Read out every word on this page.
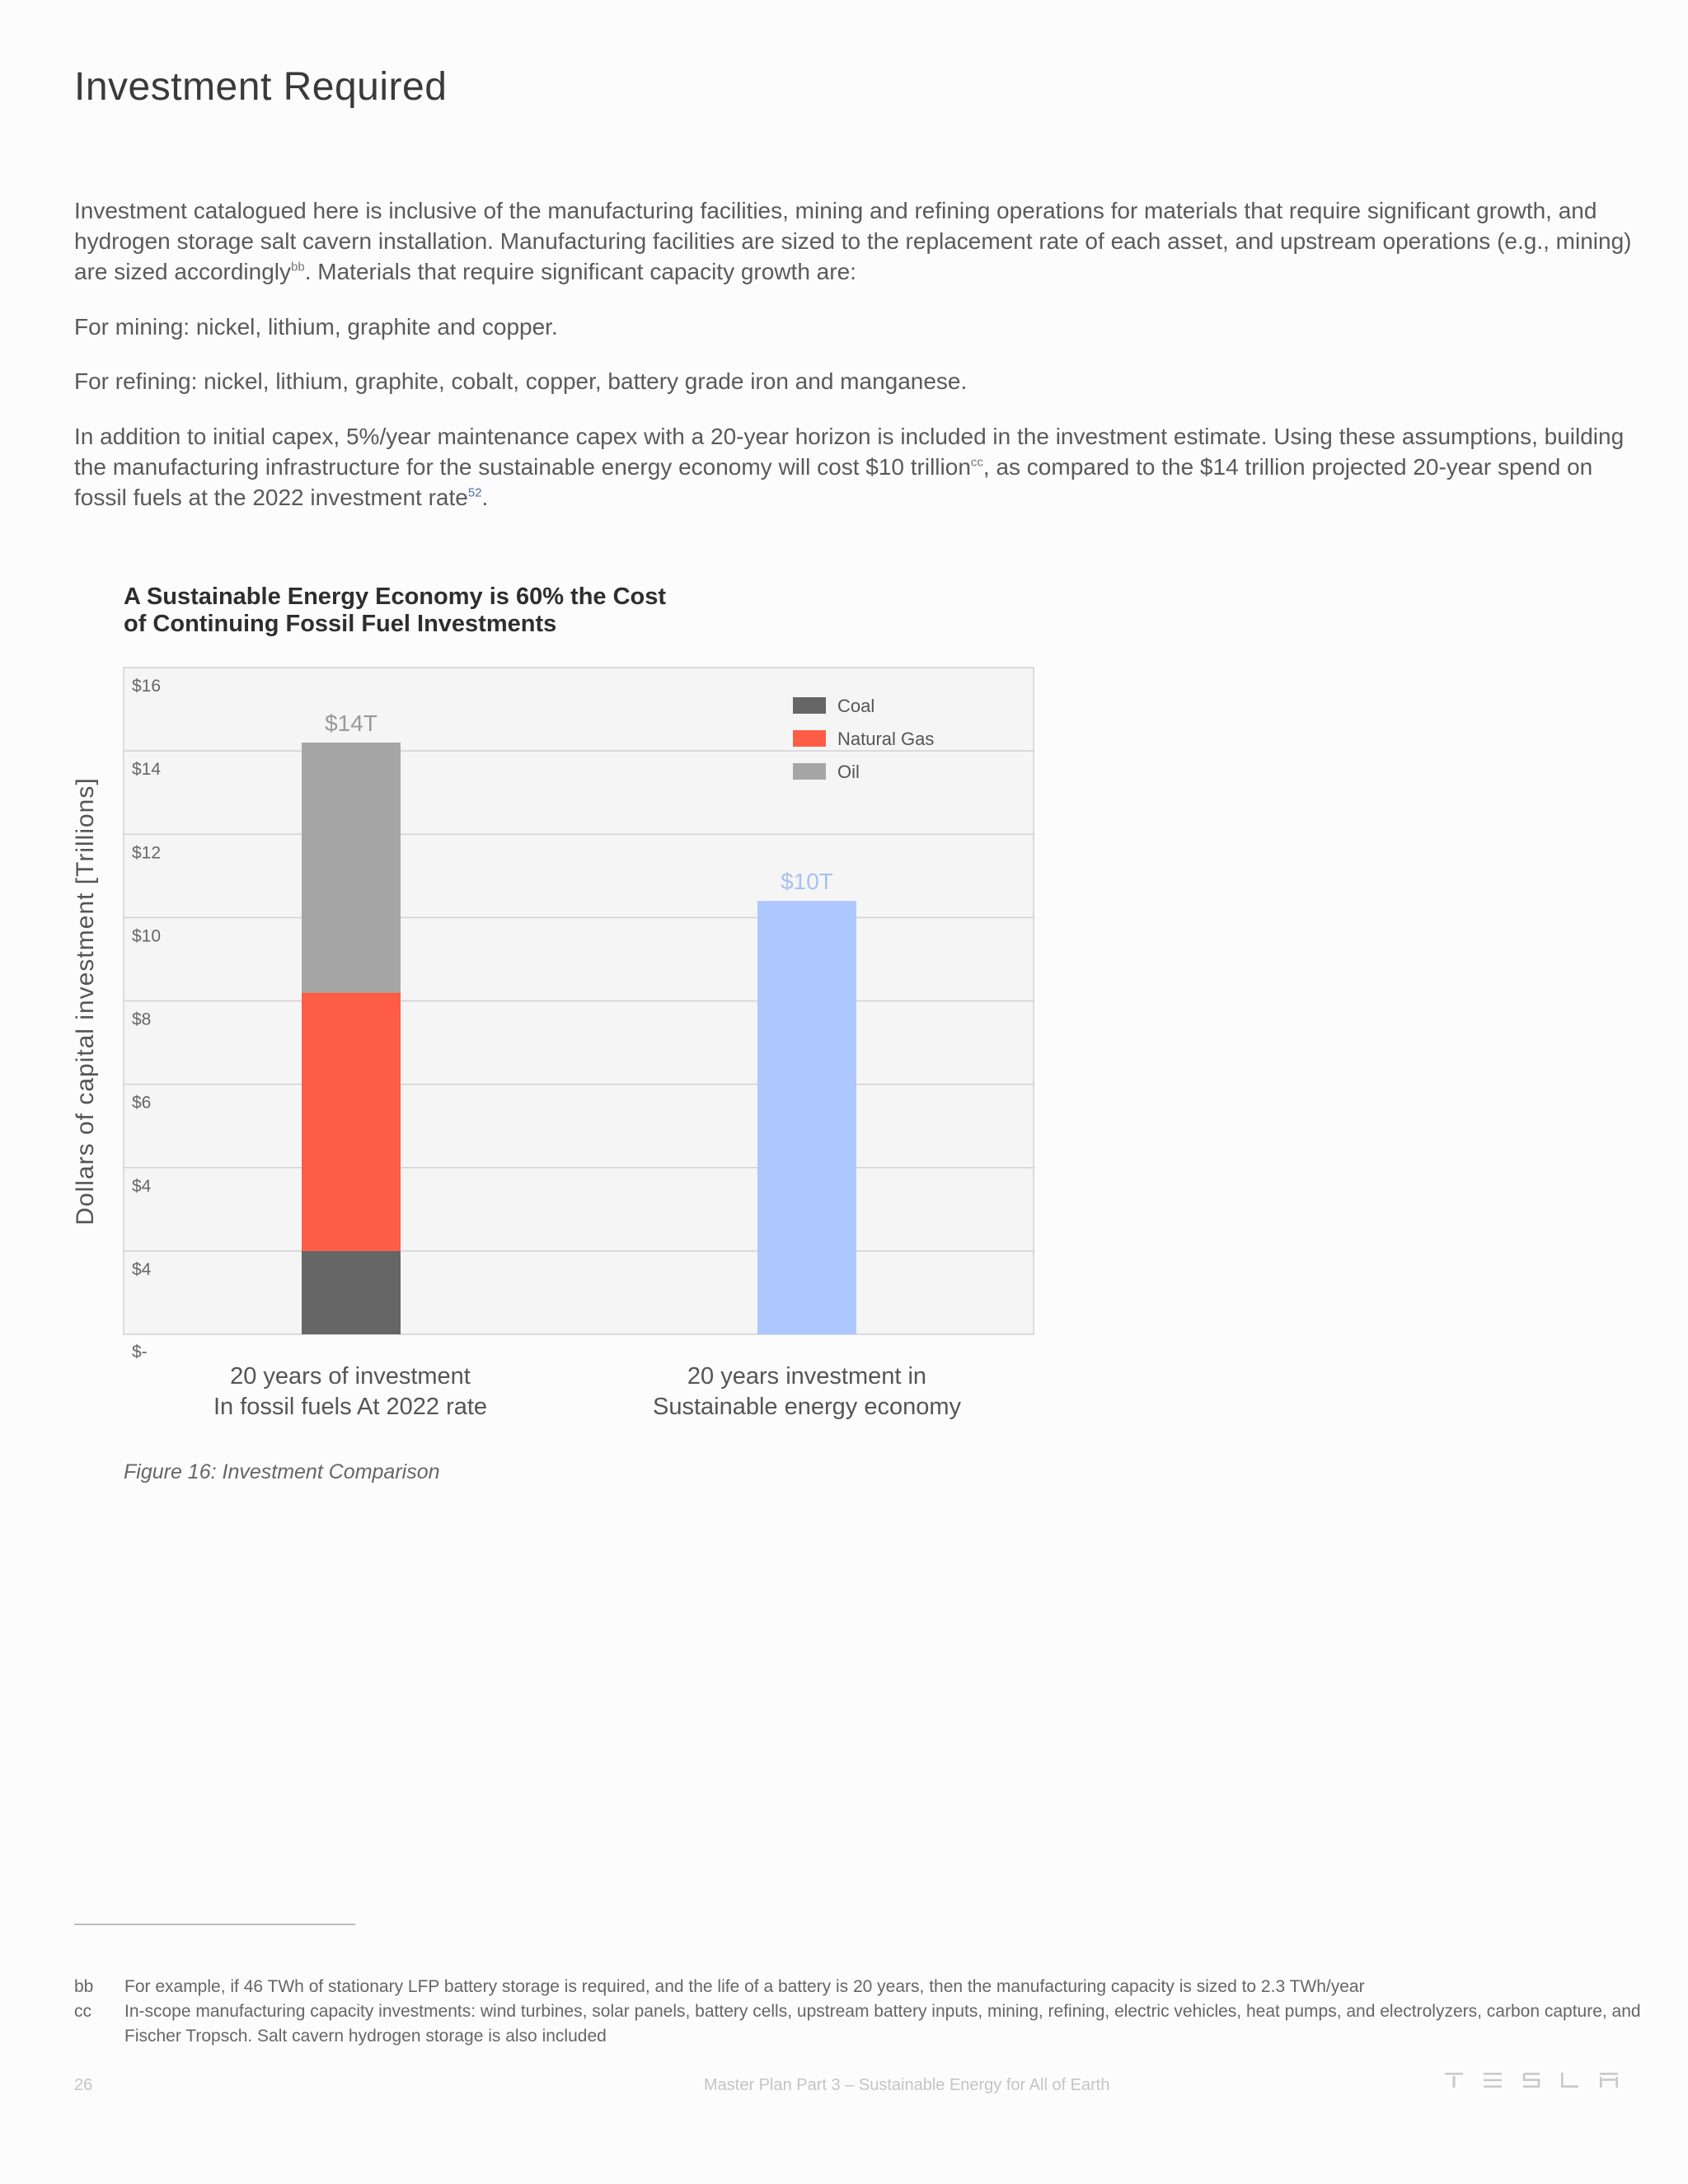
Investment Required

Investment catalogued here is inclusive of the manufacturing facilities, mining and refining operations for materials that require significant growth, and hydrogen storage salt cavern installation. Manufacturing facilities are sized to the replacement rate of each asset, and upstream operations (e.g., mining) are sized accordingly$^{bb}$. Materials that require significant capacity growth are:

For mining: nickel, lithium, graphite and copper.

For refining: nickel, lithium, graphite, cobalt, copper, battery grade iron and manganese.

In addition to initial capex, 5%/year maintenance capex with a 20-year horizon is included in the investment estimate. Using these assumptions, building the manufacturing infrastructure for the sustainable energy economy will cost $10 trillion$^{cc}$, as compared to the $14 trillion projected 20-year spend on fossil fuels at the 2022 investment rate$^{52}$.

A Sustainable Energy Economy is 60% the Cost
of Continuing Fossil Fuel Investments
Dollars of capital investment [Trillions]
$16
$14
$12
$10
$8
$6
$4
$4
$-
$14T
$10T
Coal
Natural Gas
Oil
20 years of investment
In fossil fuels At 2022 rate
20 years investment in
Sustainable energy economy
Figure 16: Investment Comparison
bb	For example, if 46 TWh of stationary LFP battery storage is required, and the life of a battery is 20 years, then the manufacturing capacity is sized to 2.3 TWh/year
cc	In-scope manufacturing capacity investments: wind turbines, solar panels, battery cells, upstream battery inputs, mining, refining, electric vehicles, heat pumps, and electrolyzers, carbon capture, and Fischer Tropsch. Salt cavern hydrogen storage is also included
26	Master Plan Part 3 – Sustainable Energy for All of Earth
